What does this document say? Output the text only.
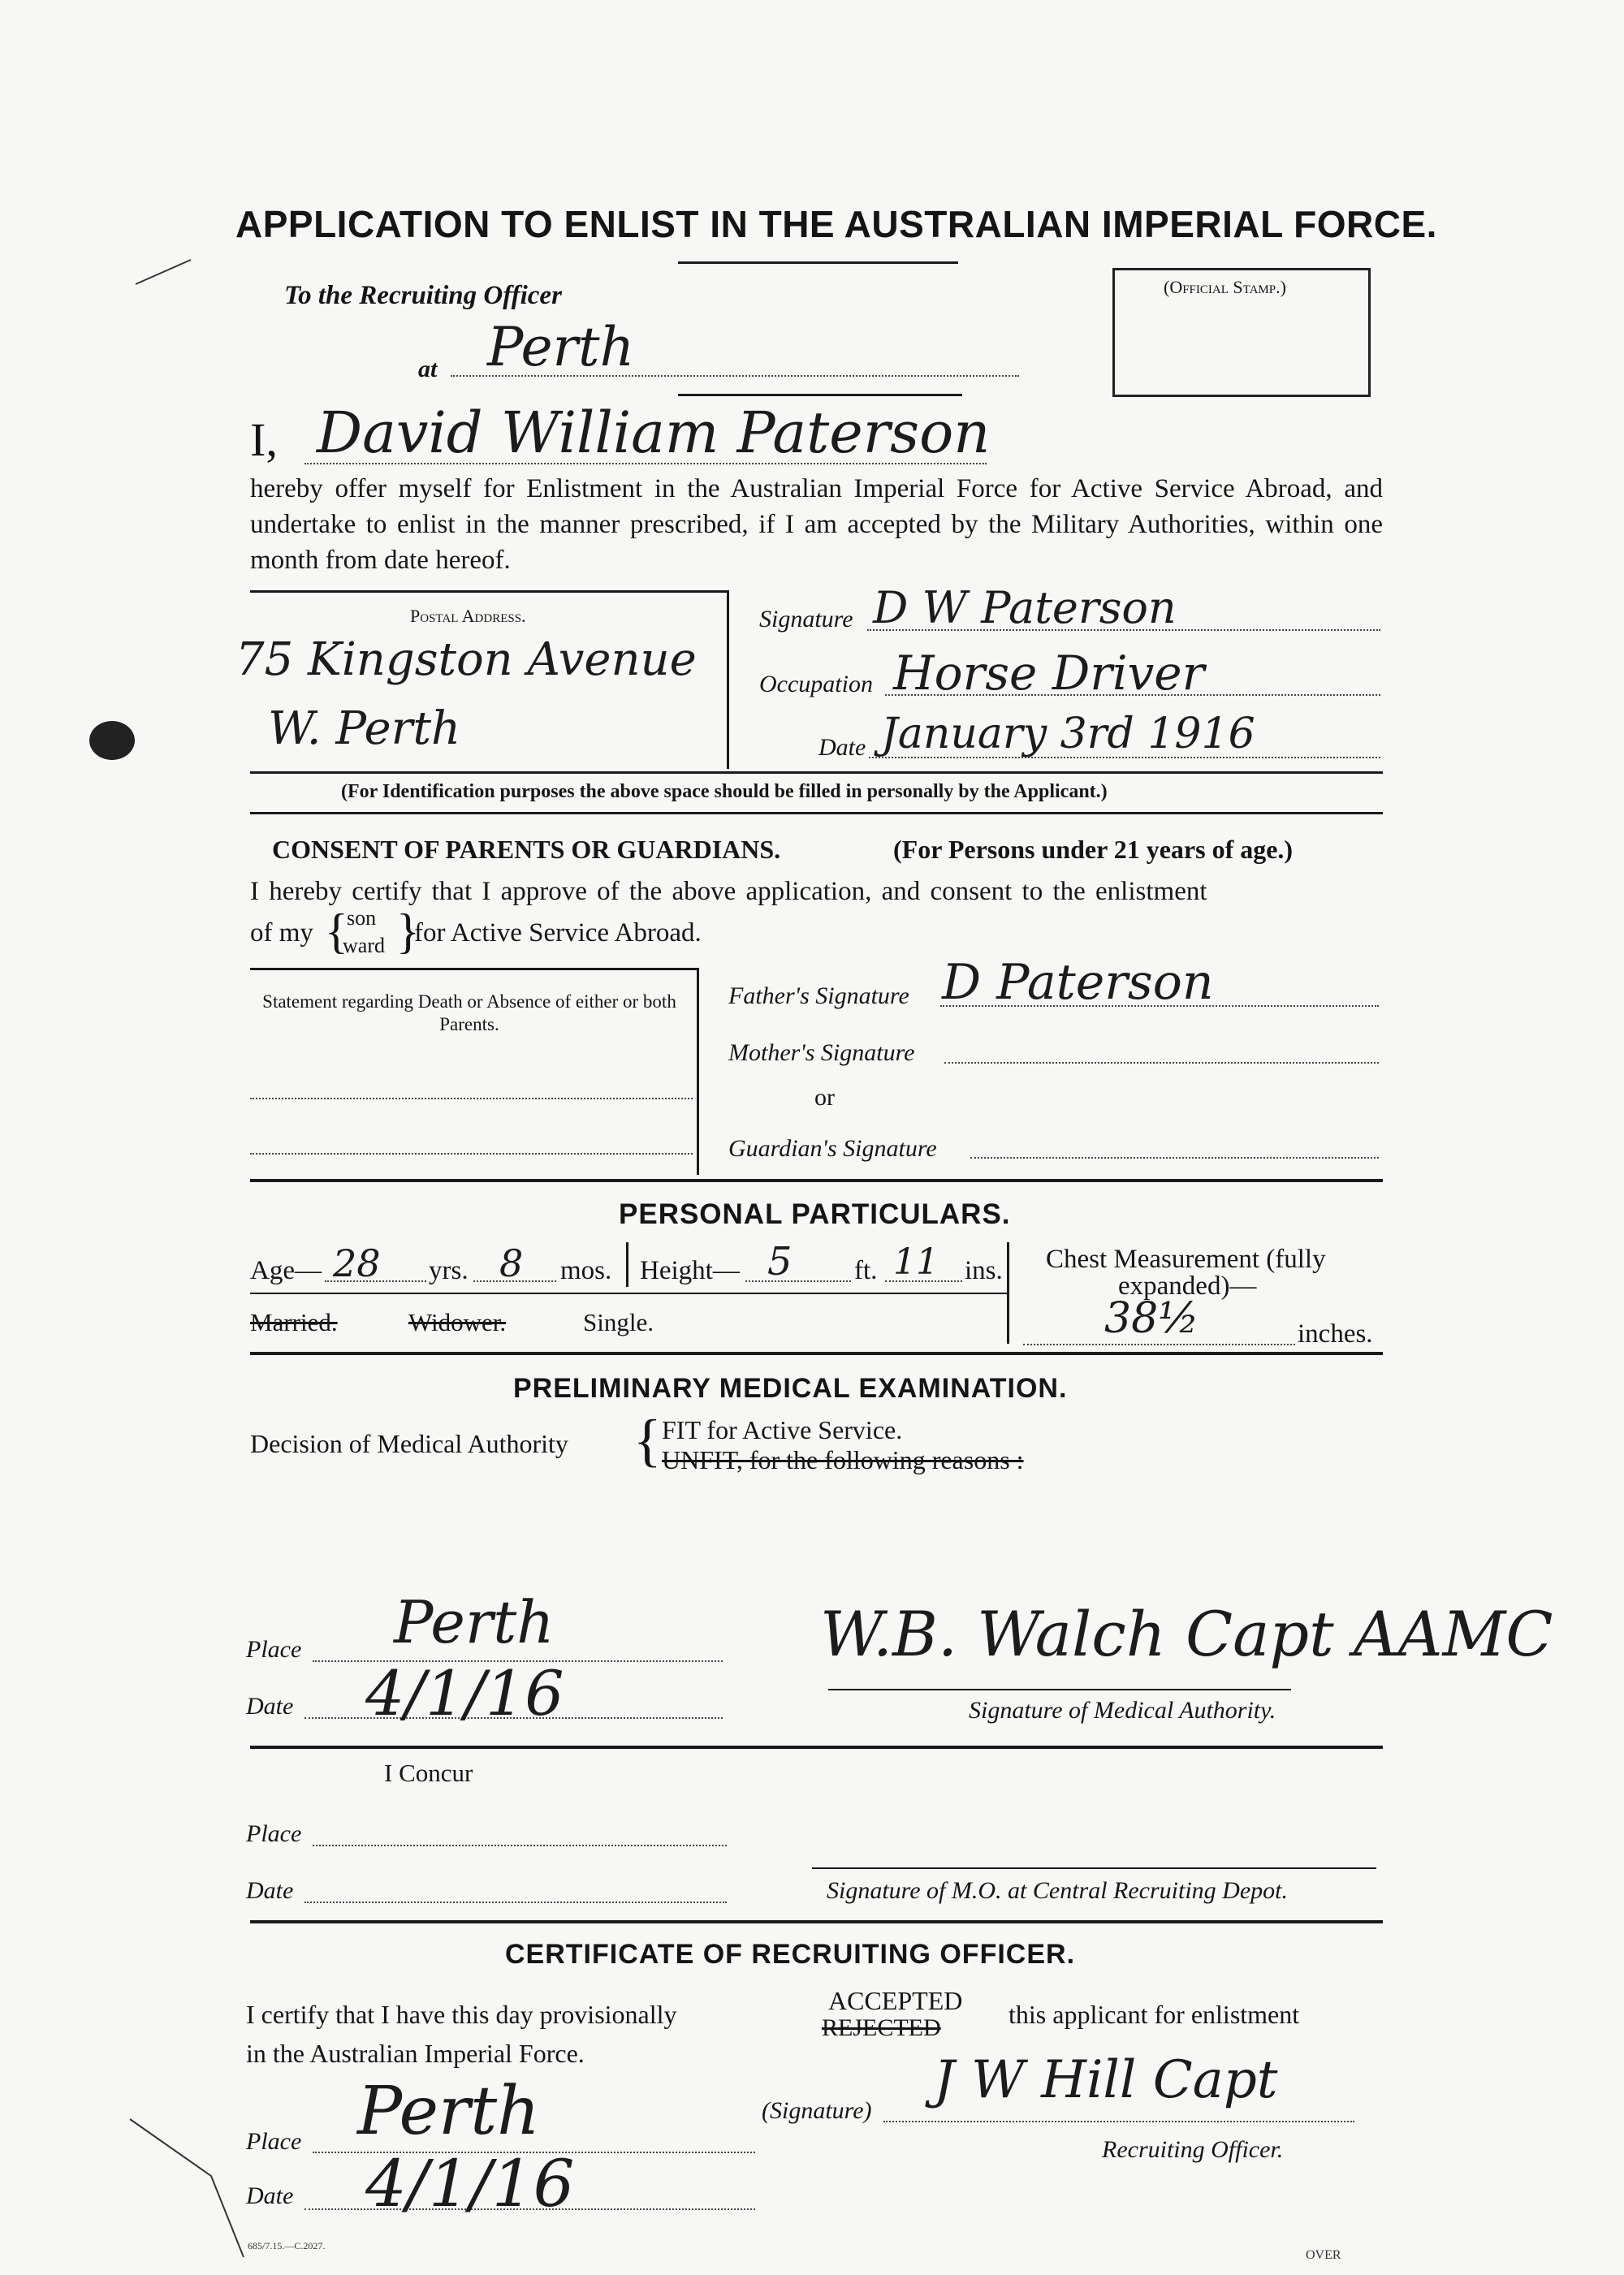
APPLICATION TO ENLIST IN THE AUSTRALIAN IMPERIAL FORCE.
(Official Stamp.)
To the Recruiting Officer
at Perth
I, David William Paterson
hereby offer myself for Enlistment in the Australian Imperial Force for Active Service Abroad, and undertake to enlist in the manner prescribed, if I am accepted by the Military Authorities, within one month from date hereof.
Postal Address.
75 Kingston Avenue
W. Perth
Signature D W Paterson
Occupation Horse Driver
Date January 3rd 1916
(For Identification purposes the above space should be filled in personally by the Applicant.)
CONSENT OF PARENTS OR GUARDIANS.	(For Persons under 21 years of age.)
I hereby certify that I approve of the above application, and consent to the enlistment
of my {
son
ward }
for Active Service Abroad.
Statement regarding Death or Absence of either or both Parents.
Father's Signature D Paterson
Mother's Signature
or
Guardian's Signature
PERSONAL PARTICULARS.
Age— 28 yrs. 8 mos. Height— 5 ft. 11 ins.
Married.	Widower.	Single.
Chest Measurement (fully
expanded)—
38½	inches.
PRELIMINARY MEDICAL EXAMINATION.
Decision of Medical Authority { FIT for Active Service.
UNFIT, for the following reasons :
Place Perth
Date 4/1/16
W.B. Walch Capt AAMC
Signature of Medical Authority.
I Concur
Place
Date	Signature of M.O. at Central Recruiting Depot.
CERTIFICATE OF RECRUITING OFFICER.
I certify that I have this day provisionally	ACCEPTED
REJECTED	this applicant for enlistment
in the Australian Imperial Force.
Place Perth
Date 4/1/16
(Signature)
J W Hill Capt
Recruiting Officer.
685/7.15.—C.2027.
OVER
